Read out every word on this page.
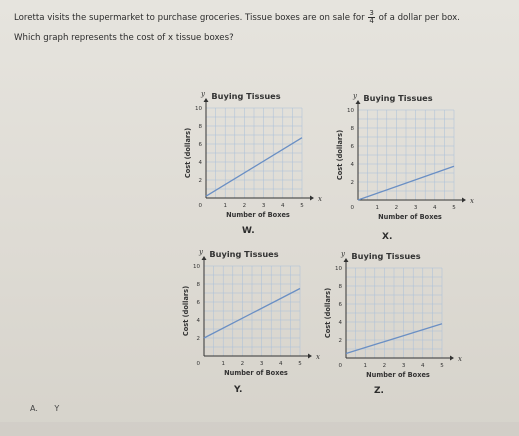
Loretta visits the supermarket to purchase groceries. Tissue boxes are on sale for $\frac{3}{4}$ of a dollar per box.
Which graph represents the cost of x tissue boxes?
Buying Tissues
x
y
1	2	3	4	5
2
4
6
8
10
0
Number of Boxes
Cost (dollars)
W.
Buying Tissues
x
y
1	2	3	4	5
2
4
6
8
10
0
Number of Boxes
Cost (dollars)
X.
Buying Tissues
x
y
1	2	3	4	5
2
4
6
8
10
0
Number of Boxes
Cost (dollars)
Y.
Buying Tissues
x
y
1	2	3	4	5
2
4
6
8
10
0
Number of Boxes
Cost (dollars)
Z.
A. Y
